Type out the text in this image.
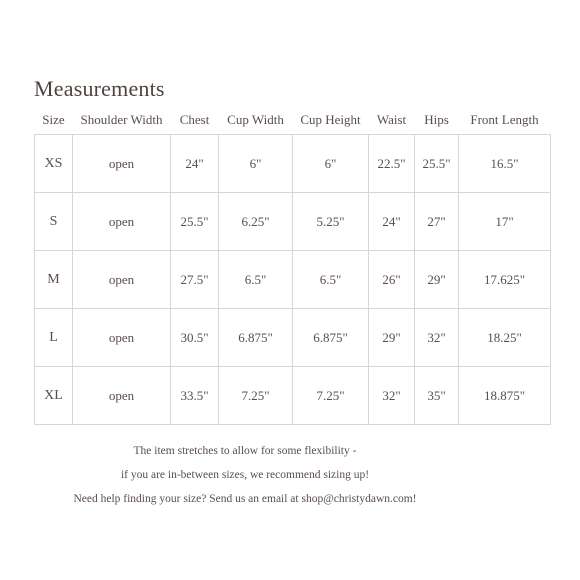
Measurements
Size	Shoulder Width	Chest	Cup Width	Cup Height	Waist	Hips	Front Length
XS	open	24"	6"	6"	22.5"	25.5"	16.5"
S	open	25.5"	6.25"	5.25"	24"	27"	17"
M	open	27.5"	6.5"	6.5"	26"	29"	17.625"
L	open	30.5"	6.875"	6.875"	29"	32"	18.25"
XL	open	33.5"	7.25"	7.25"	32"	35"	18.875"
The item stretches to allow for some flexibility -
if you are in-between sizes, we recommend sizing up!
Need help finding your size? Send us an email at shop@christydawn.com!
